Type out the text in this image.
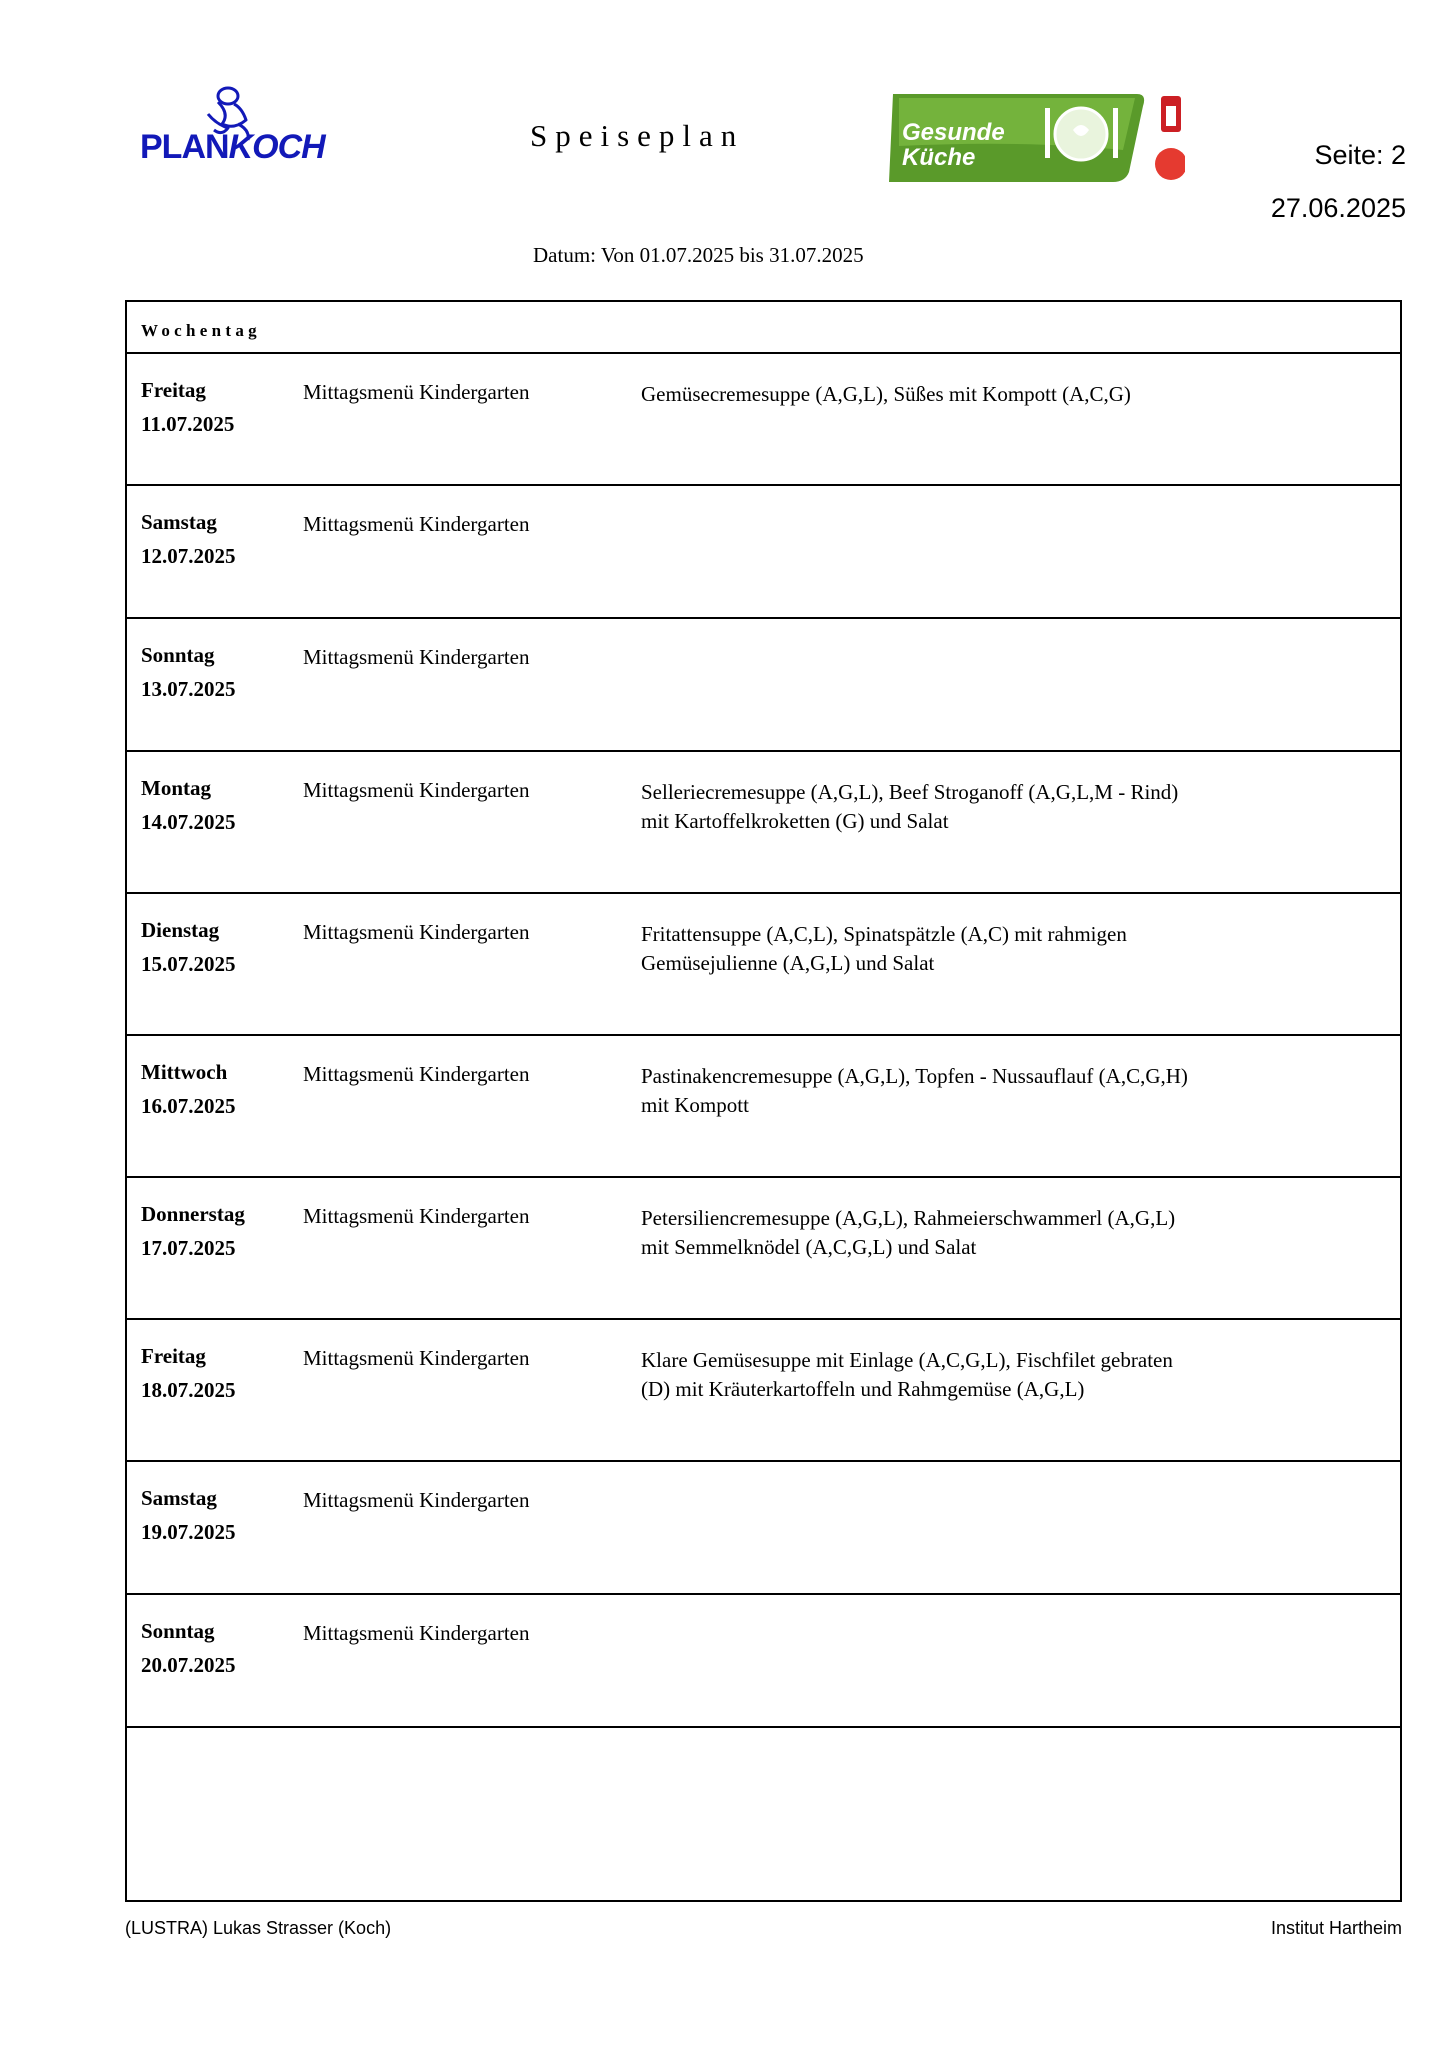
PLANKOCH	Speiseplan	Gesunde
Küche	Seite: 2
27.06.2025
Datum: Von 01.07.2025 bis 31.07.2025
Wochentag
Freitag
11.07.2025
Mittagsmenü Kindergarten	Gemüsecremesuppe (A,G,L), Süßes mit Kompott (A,C,G)
Samstag
12.07.2025
Mittagsmenü Kindergarten
Sonntag
13.07.2025
Mittagsmenü Kindergarten
Montag
14.07.2025
Mittagsmenü Kindergarten	Selleriecremesuppe (A,G,L), Beef Stroganoff (A,G,L,M - Rind)
mit Kartoffelkroketten (G) und Salat
Dienstag
15.07.2025
Mittagsmenü Kindergarten	Fritattensuppe (A,C,L), Spinatspätzle (A,C) mit rahmigen
Gemüsejulienne (A,G,L) und Salat
Mittwoch
16.07.2025
Mittagsmenü Kindergarten	Pastinakencremesuppe (A,G,L), Topfen - Nussauflauf (A,C,G,H)
mit Kompott
Donnerstag
17.07.2025
Mittagsmenü Kindergarten	Petersiliencremesuppe (A,G,L), Rahmeierschwammerl (A,G,L)
mit Semmelknödel (A,C,G,L) und Salat
Freitag
18.07.2025
Mittagsmenü Kindergarten	Klare Gemüsesuppe mit Einlage (A,C,G,L), Fischfilet gebraten
(D) mit Kräuterkartoffeln und Rahmgemüse (A,G,L)
Samstag
19.07.2025
Mittagsmenü Kindergarten
Sonntag
20.07.2025
Mittagsmenü Kindergarten
(LUSTRA) Lukas Strasser (Koch)	Institut Hartheim
